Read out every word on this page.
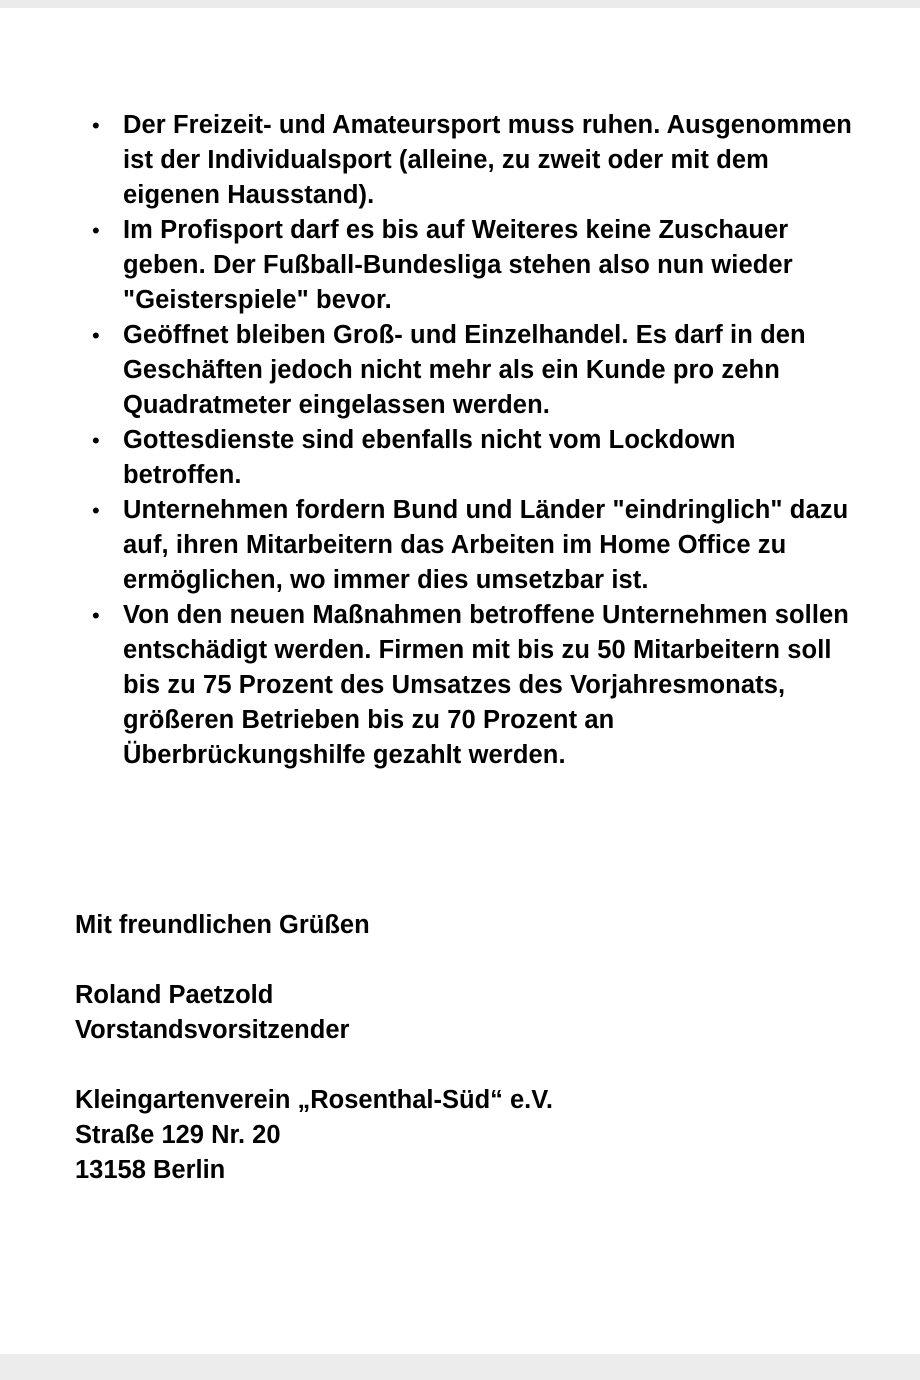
• Der Freizeit- und Amateursport muss ruhen. Ausgenommen ist der Individualsport (alleine, zu zweit oder mit dem eigenen Hausstand).
• Im Profisport darf es bis auf Weiteres keine Zuschauer geben. Der Fußball-Bundesliga stehen also nun wieder "Geisterspiele" bevor.
• Geöffnet bleiben Groß- und Einzelhandel. Es darf in den Geschäften jedoch nicht mehr als ein Kunde pro zehn Quadratmeter eingelassen werden.
• Gottesdienste sind ebenfalls nicht vom Lockdown betroffen.
• Unternehmen fordern Bund und Länder "eindringlich" dazu auf, ihren Mitarbeitern das Arbeiten im Home Office zu ermöglichen, wo immer dies umsetzbar ist.
• Von den neuen Maßnahmen betroffene Unternehmen sollen entschädigt werden. Firmen mit bis zu 50 Mitarbeitern soll bis zu 75 Prozent des Umsatzes des Vorjahresmonats, größeren Betrieben bis zu 70 Prozent an Überbrückungshilfe gezahlt werden.
Mit freundlichen Grüßen
Roland Paetzold
Vorstandsvorsitzender
Kleingartenverein „Rosenthal-Süd“ e.V.
Straße 129 Nr. 20
13158 Berlin
